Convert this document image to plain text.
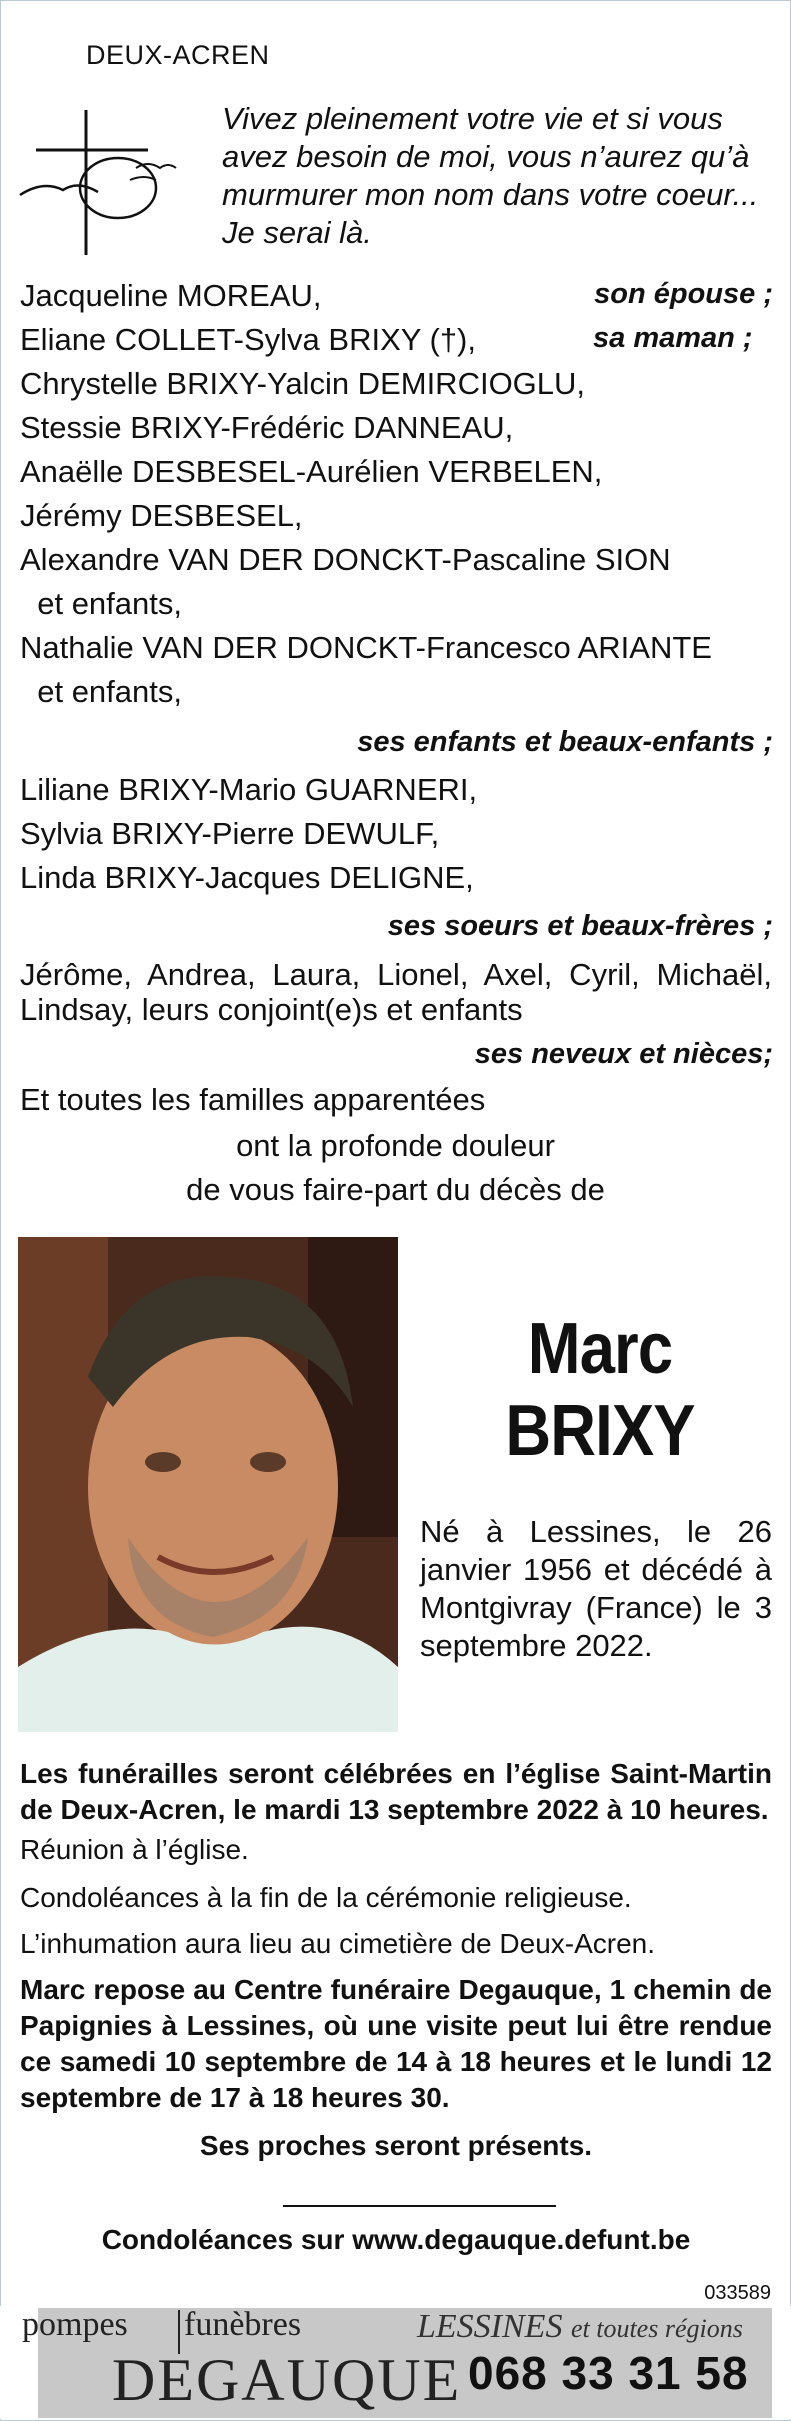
DEUX-ACREN
Vivez pleinement votre vie et si vous avez besoin de moi, vous n’aurez qu’à murmurer mon nom dans votre coeur... Je serai là.
Jacqueline MOREAU,	son épouse ;
Eliane COLLET-Sylva BRIXY (†),	sa maman ;
Chrystelle BRIXY-Yalcin DEMIRCIOGLU,
Stessie BRIXY-Frédéric DANNEAU,
Anaëlle DESBESEL-Aurélien VERBELEN,
Jérémy DESBESEL,
Alexandre VAN DER DONCKT-Pascaline SION
et enfants,
Nathalie VAN DER DONCKT-Francesco ARIANTE
et enfants,
ses enfants et beaux-enfants ;
Liliane BRIXY-Mario GUARNERI,
Sylvia BRIXY-Pierre DEWULF,
Linda BRIXY-Jacques DELIGNE,
ses soeurs et beaux-frères ;
Jérôme, Andrea, Laura, Lionel, Axel, Cyril, Michaël,
Lindsay, leurs conjoint(e)s et enfants
ses neveux et nièces;
Et toutes les familles apparentées
ont la profonde douleur
de vous faire-part du décès de
Marc
BRIXY
Né à Lessines, le 26 janvier 1956 et décédé à Montgivray (France) le 3 septembre 2022.
Les funérailles seront célébrées en l’église Saint-Martin de Deux-Acren, le mardi 13 septembre 2022 à 10 heures.
Réunion à l’église.
Condoléances à la fin de la cérémonie religieuse.
L’inhumation aura lieu au cimetière de Deux-Acren.
Marc repose au Centre funéraire Degauque, 1 chemin de Papignies à Lessines, où une visite peut lui être rendue ce samedi 10 septembre de 14 à 18 heures et le lundi 12 septembre de 17 à 18 heures 30.
Ses proches seront présents.
Condoléances sur www.degauque.defunt.be
033589
pompes funèbres
DEGAUQUE
LESSINES et toutes régions
068 33 31 58
